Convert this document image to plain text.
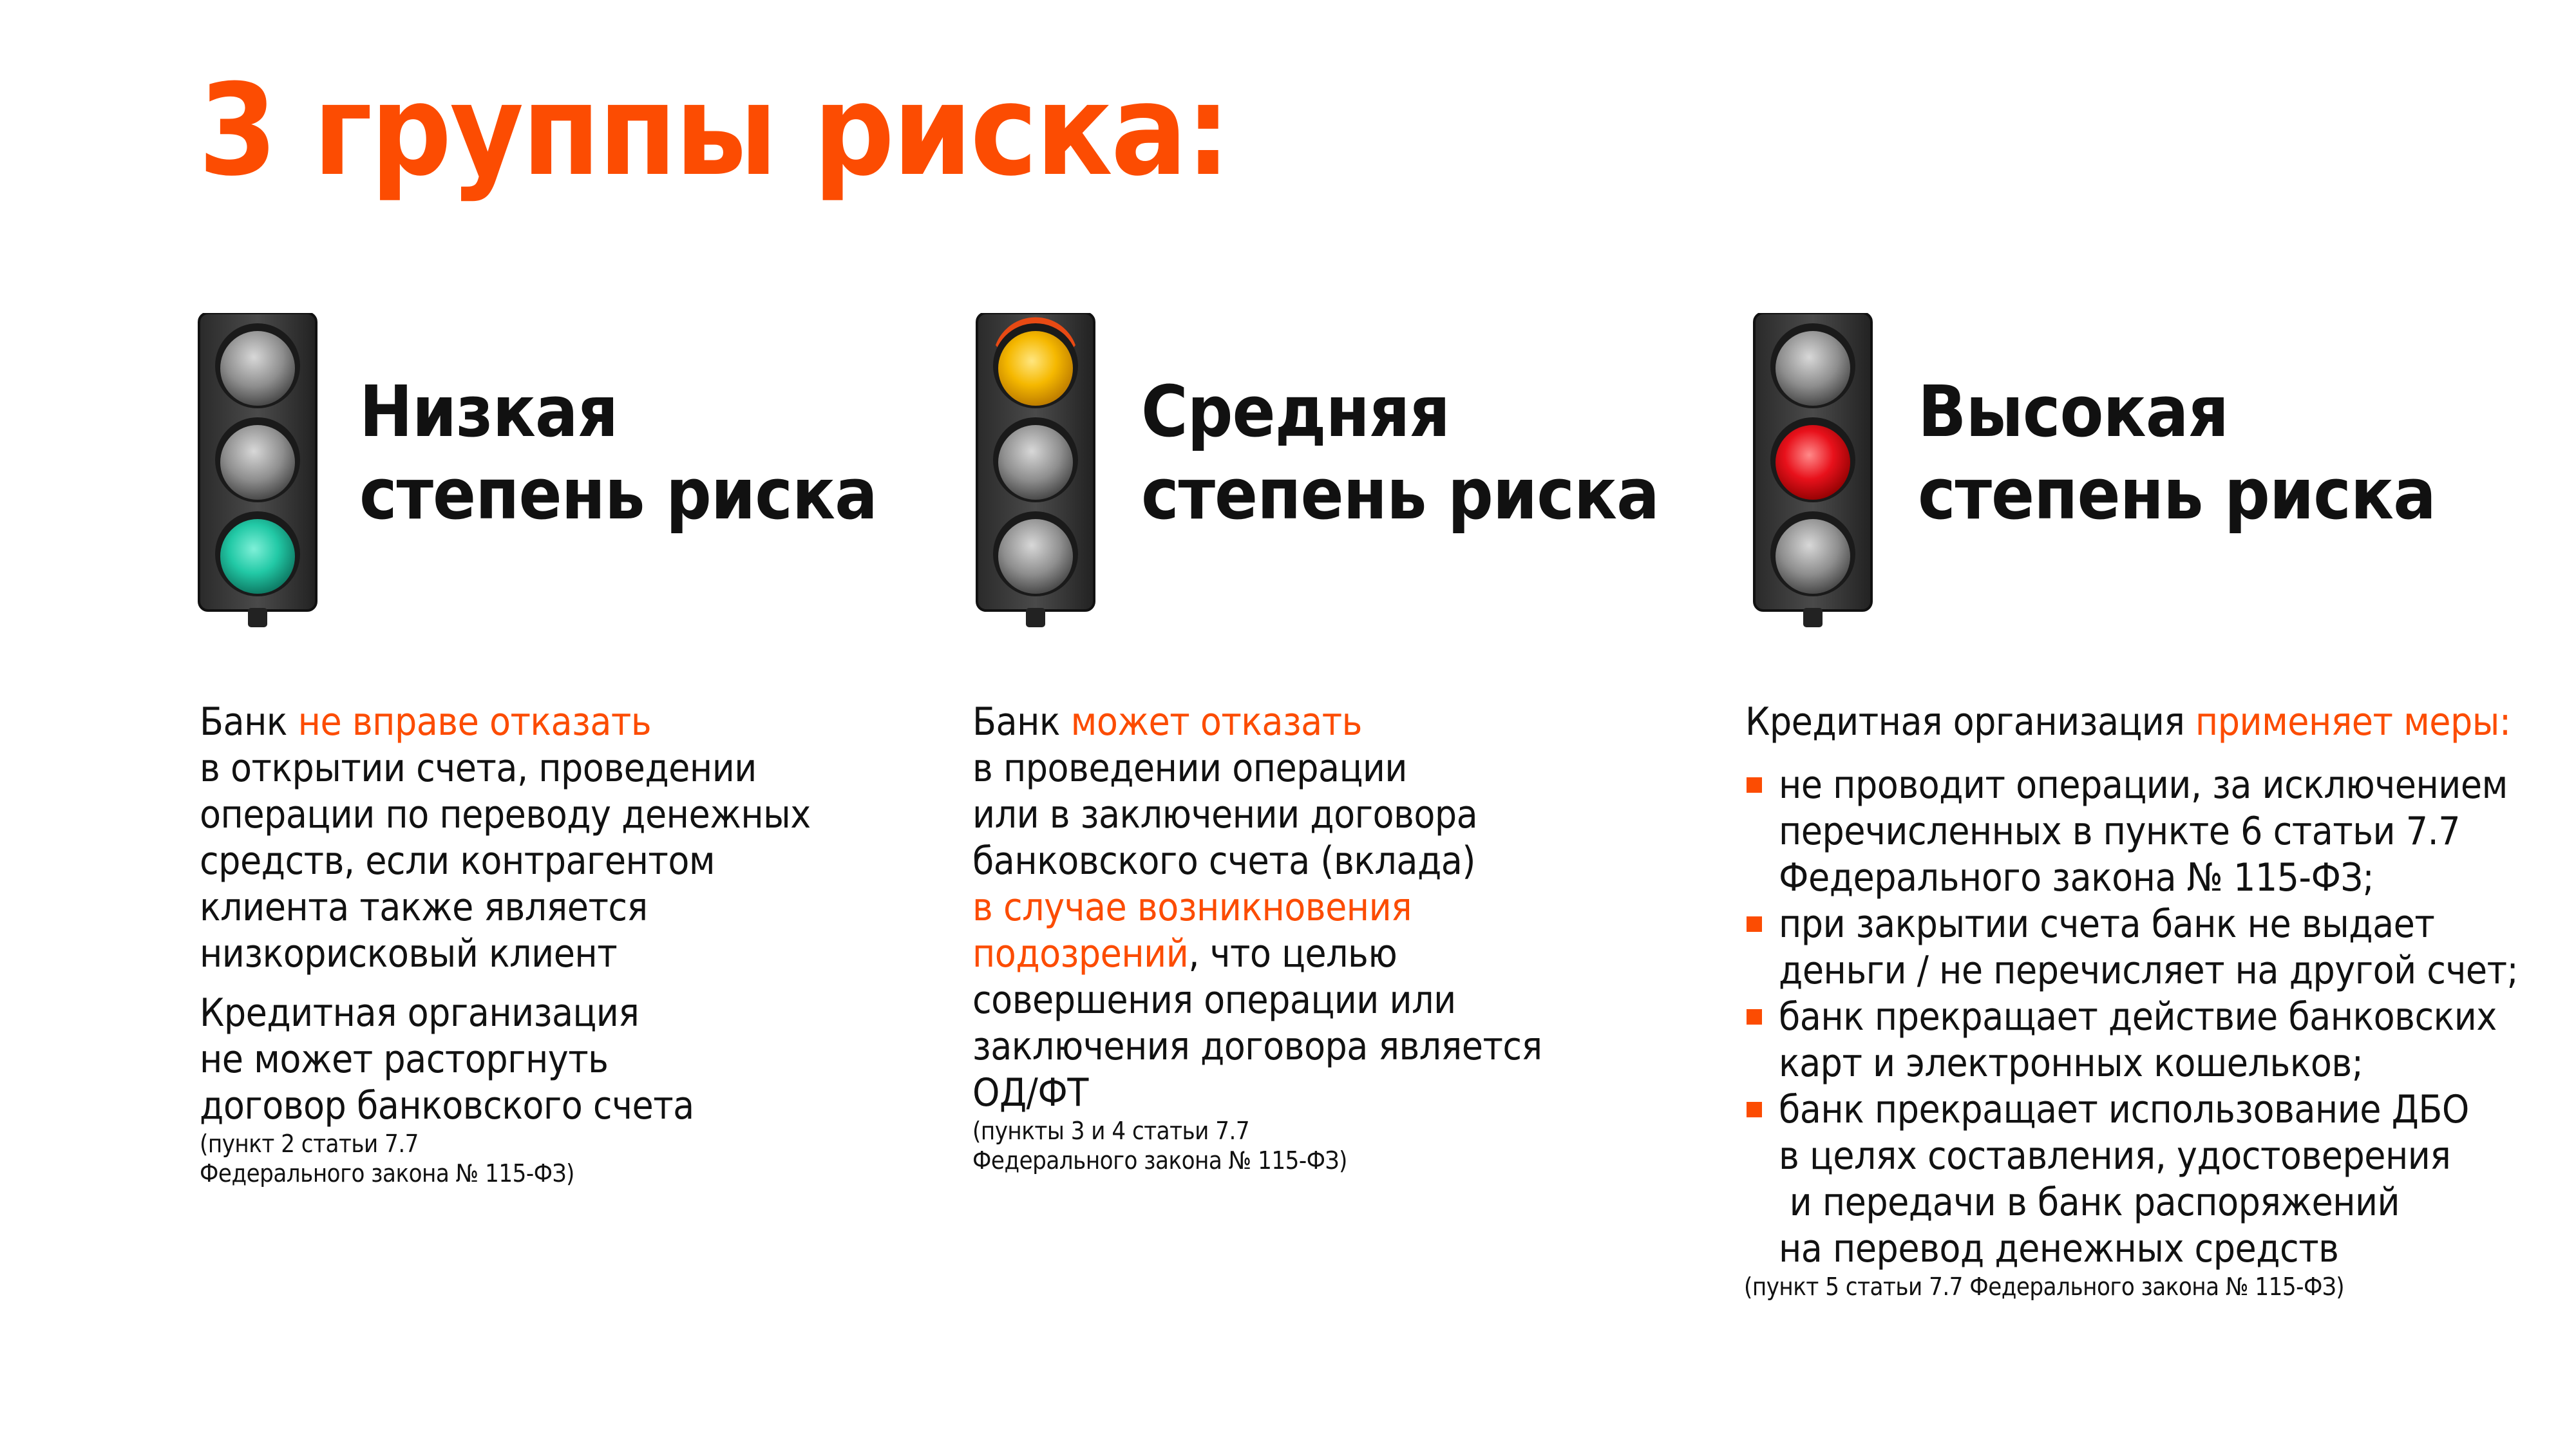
3 группы риска:
Низкая
степень риска
Банк не вправе отказать
в открытии счета, проведении
операции по переводу денежных
средств, если контрагентом
клиента также является
низкорисковый клиент
Кредитная организация
не может расторгнуть
договор банковского счета
(пункт 2 статьи 7.7
Федерального закона № 115-ФЗ)
Средняя
степень риска
Банк может отказать
в проведении операции
или в заключении договора
банковского счета (вклада)
в случае возникновения
подозрений, что целью
совершения операции или
заключения договора является
ОД/ФТ
(пункты 3 и 4 статьи 7.7
Федерального закона № 115-ФЗ)
Высокая
степень риска
Кредитная организация применяет меры:
не проводит операции, за исключением
перечисленных в пункте 6 статьи 7.7
Федерального закона № 115-ФЗ;
при закрытии счета банк не выдает
деньги / не перечисляет на другой счет;
банк прекращает действие банковских
карт и электронных кошельков;
банк прекращает использование ДБО
в целях составления, удостоверения
и передачи в банк распоряжений
на перевод денежных средств
(пункт 5 статьи 7.7 Федерального закона № 115-ФЗ)
